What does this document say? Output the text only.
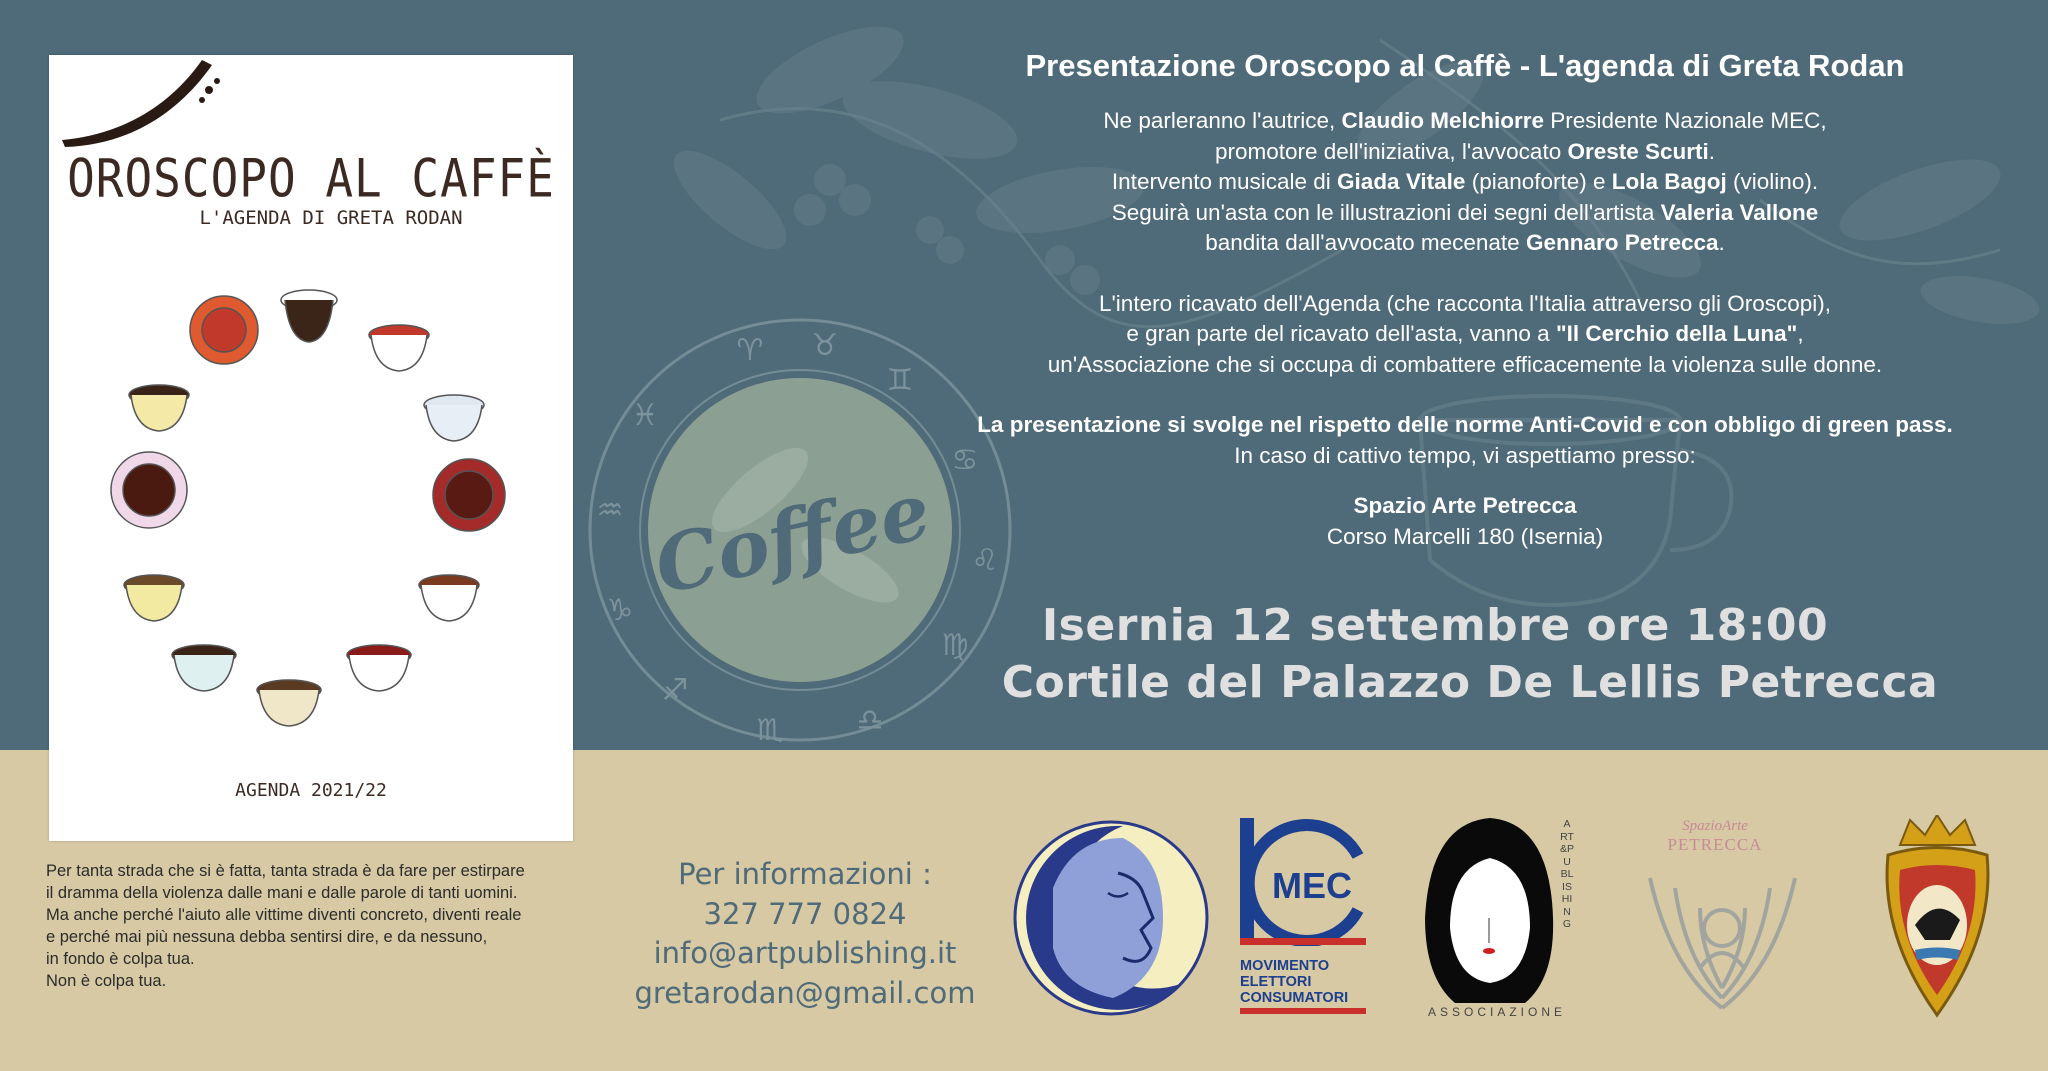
♈ ♉
♊
♋
♌
♍
♎
♏
♐
♑
♒
♓
Coffee
Presentazione Oroscopo al Caffè - L'agenda di Greta Rodan
Ne parleranno l'autrice, Claudio Melchiorre Presidente Nazionale MEC,
promotore dell'iniziativa, l'avvocato Oreste Scurti.
Intervento musicale di Giada Vitale (pianoforte) e Lola Bagoj (violino).
Seguirà un'asta con le illustrazioni dei segni dell'artista Valeria Vallone
bandita dall'avvocato mecenate Gennaro Petrecca.
L'intero ricavato dell'Agenda (che racconta l'Italia attraverso gli Oroscopi),
e gran parte del ricavato dell'asta, vanno a "Il Cerchio della Luna",
un'Associazione che si occupa di combattere efficacemente la violenza sulle donne.
La presentazione si svolge nel rispetto delle norme Anti-Covid e con obbligo di green pass.
In caso di cattivo tempo, vi aspettiamo presso:
Spazio Arte Petrecca
Corso Marcelli 180 (Isernia)
Isernia 12 settembre ore 18:00
Cortile del Palazzo De Lellis Petrecca
OROSCOPO AL CAFFÈ
L'AGENDA DI GRETA RODAN
AGENDA 2021/22

Per tanta strada che si è fatta, tanta strada è da fare per estirpare

il dramma della violenza dalle mani e dalle parole di tanti uomini.

Ma anche perché l'aiuto alle vittime diventi concreto, diventi reale

e perché mai più nessuna debba sentirsi dire, e da nessuno,

in fondo è colpa tua.

Non è colpa tua.

Per informazioni :
327 777 0824
info@artpublishing.it
gretarodan@gmail.com
MEC
MOVIMENTO
ELETTORI
CONSUMATORI
ASSOCIAZIONE
ART&PUBLISHING
SpazioArte
PETRECCA
